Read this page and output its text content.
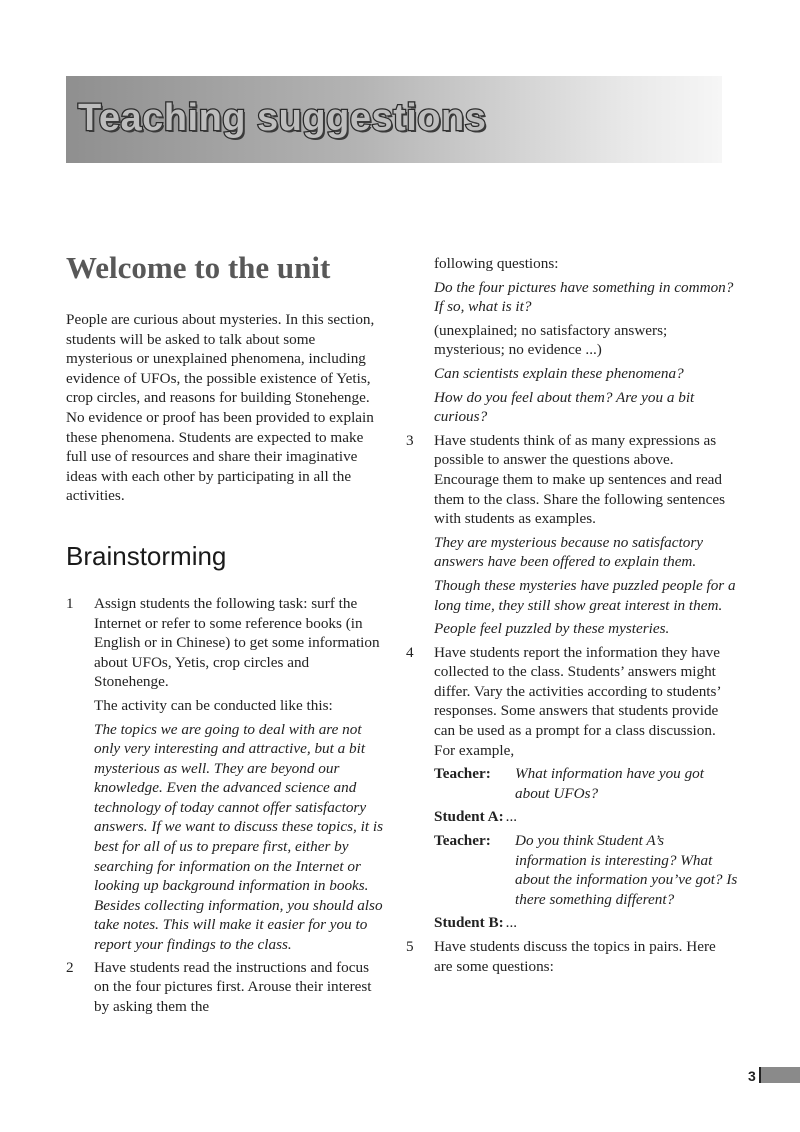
Teaching suggestions
Welcome to the unit

People are curious about mysteries. In this section, students will be asked to talk about some mysterious or unexplained phenomena, including evidence of UFOs, the possible existence of Yetis, crop circles, and reasons for building Stonehenge. No evidence or proof has been provided to explain these phenomena. Students are expected to make full use of resources and share their imaginative ideas with each other by participating in all the activities.

Brainstorming
1 Assign students the following task: surf the Internet or refer to some reference books (in English or in Chinese) to get some information about UFOs, Yetis, crop circles and Stonehenge.

The activity can be conducted like this:

The topics we are going to deal with are not only very interesting and attractive, but a bit mysterious as well. They are beyond our knowledge. Even the advanced science and technology of today cannot offer satisfactory answers. If we want to discuss these topics, it is best for all of us to prepare first, either by searching for information on the Internet or looking up background information in books. Besides collecting information, you should also take notes. This will make it easier for you to report your findings to the class.

2 Have students read the instructions and focus on the four pictures first. Arouse their interest by asking them the

following questions:

Do the four pictures have something in common? If so, what is it?

(unexplained; no satisfactory answers; mysterious; no evidence ...)

Can scientists explain these phenomena?

How do you feel about them? Are you a bit curious?

3 Have students think of as many expressions as possible to answer the questions above. Encourage them to make up sentences and read them to the class. Share the following sentences with students as examples.

They are mysterious because no satisfactory answers have been offered to explain them.

Though these mysteries have puzzled people for a long time, they still show great interest in them.

People feel puzzled by these mysteries.

4	Have students report the information they have collected to the class. Students’ answers might differ. Vary the activities according to students’ responses. Some answers that students provide can be used as a prompt for a class discussion. For example,

Teacher:	What information have you got about UFOs?
Student A: ...
Teacher:	Do you think Student A’s information is interesting? What about the information you’ve got? Is there something different?
Student B: ...
5 Have students discuss the topics in pairs. Here are some questions:

3
